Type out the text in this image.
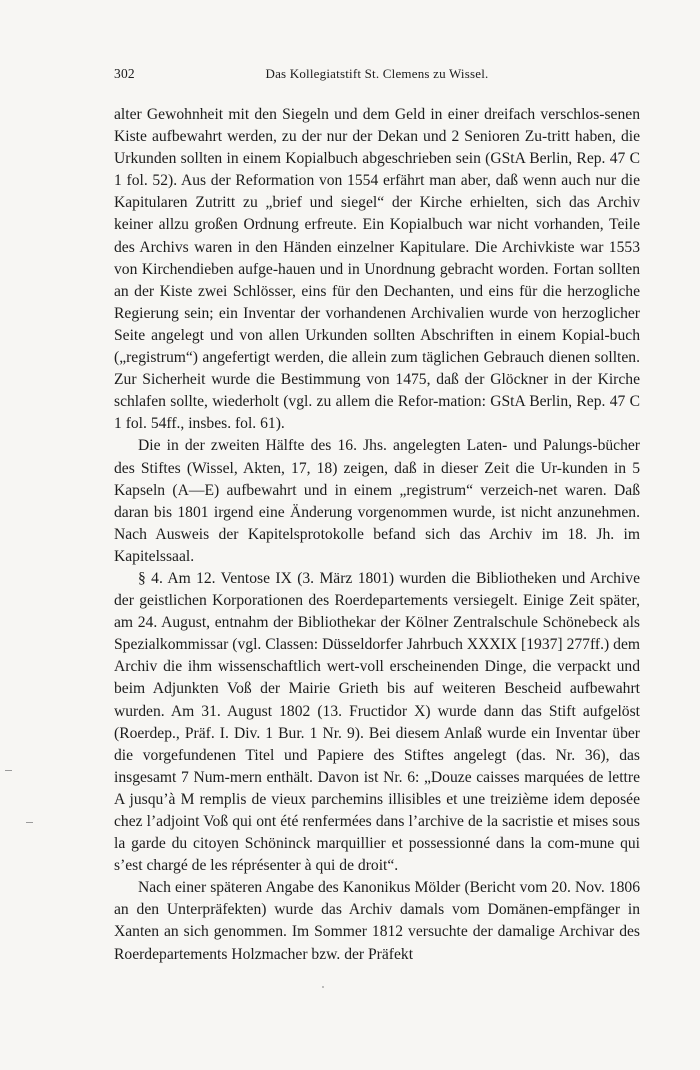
302	Das Kollegiatstift St. Clemens zu Wissel.

alter Gewohnheit mit den Siegeln und dem Geld in einer dreifach verschlos-senen Kiste aufbewahrt werden, zu der nur der Dekan und 2 Senioren Zu-tritt haben, die Urkunden sollten in einem Kopialbuch abgeschrieben sein (GStA Berlin, Rep. 47 C 1 fol. 52). Aus der Reformation von 1554 erfährt man aber, daß wenn auch nur die Kapitularen Zutritt zu „brief und siegel“ der Kirche erhielten, sich das Archiv keiner allzu großen Ordnung erfreute. Ein Kopialbuch war nicht vorhanden, Teile des Archivs waren in den Händen einzelner Kapitulare. Die Archivkiste war 1553 von Kirchendieben aufge-hauen und in Unordnung gebracht worden. Fortan sollten an der Kiste zwei Schlösser, eins für den Dechanten, und eins für die herzogliche Regierung sein; ein Inventar der vorhandenen Archivalien wurde von herzoglicher Seite angelegt und von allen Urkunden sollten Abschriften in einem Kopial-buch („registrum“) angefertigt werden, die allein zum täglichen Gebrauch dienen sollten. Zur Sicherheit wurde die Bestimmung von 1475, daß der Glöckner in der Kirche schlafen sollte, wiederholt (vgl. zu allem die Refor-mation: GStA Berlin, Rep. 47 C 1 fol. 54ff., insbes. fol. 61).

Die in der zweiten Hälfte des 16. Jhs. angelegten Laten- und Palungs-bücher des Stiftes (Wissel, Akten, 17, 18) zeigen, daß in dieser Zeit die Ur-kunden in 5 Kapseln (A—E) aufbewahrt und in einem „registrum“ verzeich-net waren. Daß daran bis 1801 irgend eine Änderung vorgenommen wurde, ist nicht anzunehmen. Nach Ausweis der Kapitelsprotokolle befand sich das Archiv im 18. Jh. im Kapitelssaal.

§ 4. Am 12. Ventose IX (3. März 1801) wurden die Bibliotheken und Archive der geistlichen Korporationen des Roerdepartements versiegelt. Einige Zeit später, am 24. August, entnahm der Bibliothekar der Kölner Zentralschule Schönebeck als Spezialkommissar (vgl. Classen: Düsseldorfer Jahrbuch XXXIX [1937] 277ff.) dem Archiv die ihm wissenschaftlich wert-voll erscheinenden Dinge, die verpackt und beim Adjunkten Voß der Mairie Grieth bis auf weiteren Bescheid aufbewahrt wurden. Am 31. August 1802 (13. Fructidor X) wurde dann das Stift aufgelöst (Roerdep., Präf. I. Div. 1 Bur. 1 Nr. 9). Bei diesem Anlaß wurde ein Inventar über die vorgefundenen Titel und Papiere des Stiftes angelegt (das. Nr. 36), das insgesamt 7 Num-mern enthält. Davon ist Nr. 6: „Douze caisses marquées de lettre A jusqu’à M remplis de vieux parchemins illisibles et une treizième idem deposée chez l’adjoint Voß qui ont été renfermées dans l’archive de la sacristie et mises sous la garde du citoyen Schöninck marquillier et possessionné dans la com-mune qui s’est chargé de les réprésenter à qui de droit“.

Nach einer späteren Angabe des Kanonikus Mölder (Bericht vom 20. Nov. 1806 an den Unterpräfekten) wurde das Archiv damals vom Domänen-empfänger in Xanten an sich genommen. Im Sommer 1812 versuchte der damalige Archivar des Roerdepartements Holzmacher bzw. der Präfekt
